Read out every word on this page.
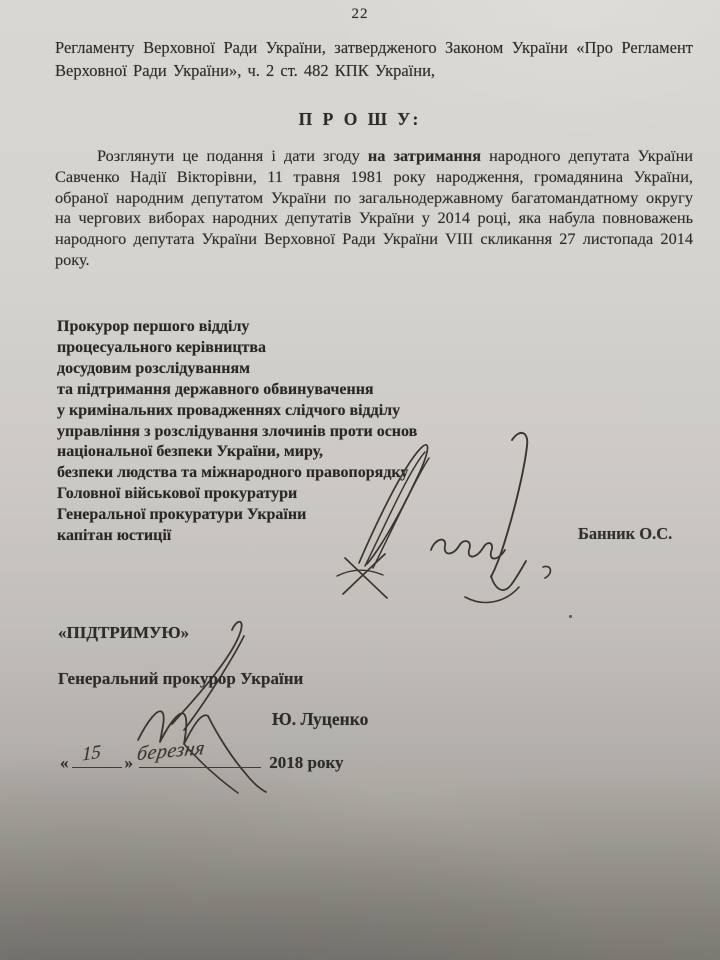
22

Регламенту Верховної Ради України, затвердженого Законом України «Про Регламент Верховної Ради України», ч. 2 ст. 482 КПК України,

П Р О Ш У:

Розглянути це подання і дати згоду на затримання народного депутата України Савченко Надії Вікторівни, 11 травня 1981 року народження, громадянина України, обраної народним депутатом України по загальнодержавному багатомандатному округу на чергових виборах народних депутатів України у 2014 році, яка набула повноважень народного депутата України Верховної Ради України VIII скликання 27 листопада 2014 року.

Прокурор першого відділу
процесуального керівництва
досудовим розслідуванням
та підтримання державного обвинувачення
у кримінальних провадженнях слідчого відділу
управління з розслідування злочинів проти основ
національної безпеки України, миру,
безпеки людства та міжнародного правопорядку
Головної військової прокуратури
Генеральної прокуратури України
капітан юстиції	Банник О.С.
«ПІДТРИМУЮ»
Генеральний прокурор України
Ю. Луценко
« 15 » березня	2018 року
